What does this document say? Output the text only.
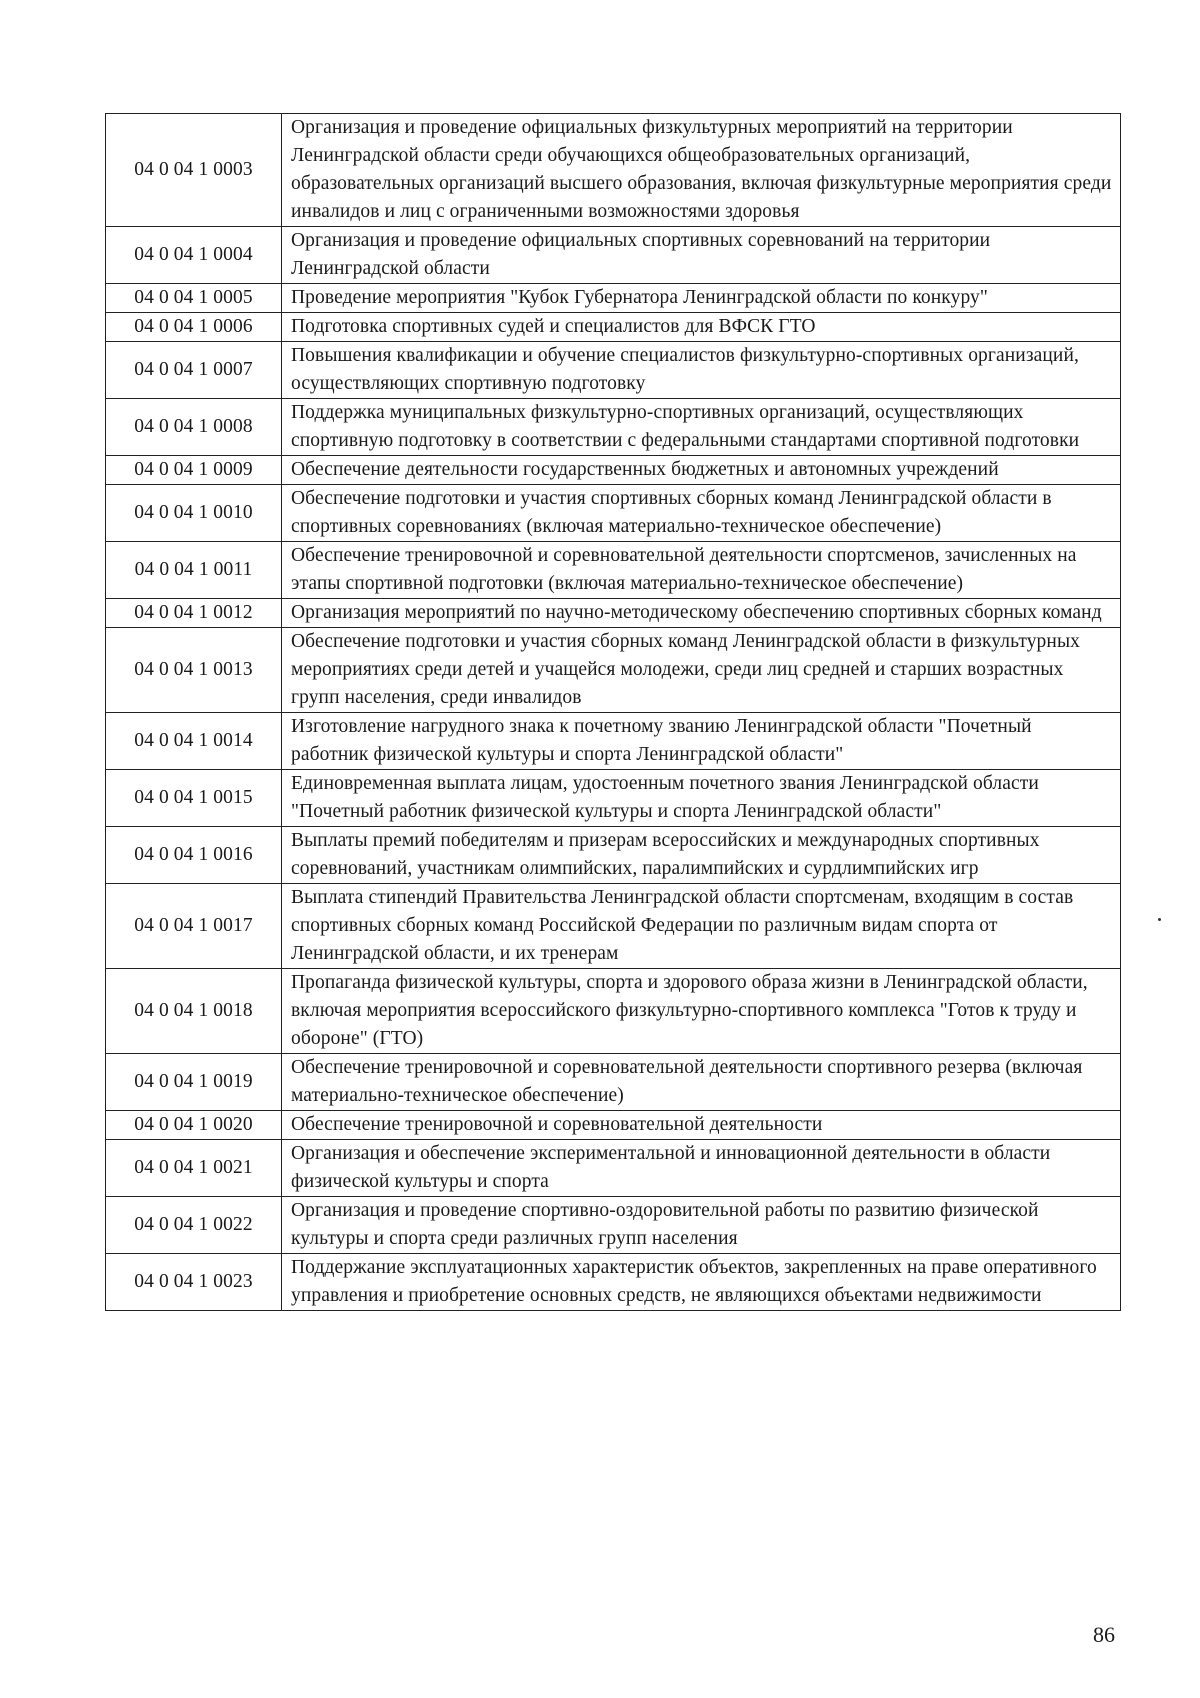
04 0 04 1 0003	Организация и проведение официальных физкультурных мероприятий на территории Ленинградской области среди обучающихся общеобразовательных организаций, образовательных организаций высшего образования, включая физкультурные мероприятия среди инвалидов и лиц с ограниченными возможностями здоровья
04 0 04 1 0004	Организация и проведение официальных спортивных соревнований на территории Ленинградской области
04 0 04 1 0005	Проведение мероприятия "Кубок Губернатора Ленинградской области по конкуру"
04 0 04 1 0006	Подготовка спортивных судей и специалистов для ВФСК ГТО
04 0 04 1 0007	Повышения квалификации и обучение специалистов физкультурно-спортивных организаций, осуществляющих спортивную подготовку
04 0 04 1 0008	Поддержка муниципальных физкультурно-спортивных организаций, осуществляющих спортивную подготовку в соответствии с федеральными стандартами спортивной подготовки
04 0 04 1 0009	Обеспечение деятельности государственных бюджетных и автономных учреждений
04 0 04 1 0010	Обеспечение подготовки и участия спортивных сборных команд Ленинградской области в спортивных соревнованиях (включая материально-техническое обеспечение)
04 0 04 1 0011	Обеспечение тренировочной и соревновательной деятельности спортсменов, зачисленных на этапы спортивной подготовки (включая материально-техническое обеспечение)
04 0 04 1 0012	Организация мероприятий по научно-методическому обеспечению спортивных сборных команд
04 0 04 1 0013	Обеспечение подготовки и участия сборных команд Ленинградской области в физкультурных мероприятиях среди детей и учащейся молодежи, среди лиц средней и старших возрастных групп населения, среди инвалидов
04 0 04 1 0014	Изготовление нагрудного знака к почетному званию Ленинградской области "Почетный работник физической культуры и спорта Ленинградской области"
04 0 04 1 0015	Единовременная выплата лицам, удостоенным почетного звания Ленинградской области "Почетный работник физической культуры и спорта Ленинградской области"
04 0 04 1 0016	Выплаты премий победителям и призерам всероссийских и международных спортивных соревнований, участникам олимпийских, паралимпийских и сурдлимпийских игр
04 0 04 1 0017	Выплата стипендий Правительства Ленинградской области спортсменам, входящим в состав спортивных сборных команд Российской Федерации по различным видам спорта от Ленинградской области, и их тренерам
04 0 04 1 0018	Пропаганда физической культуры, спорта и здорового образа жизни в Ленинградской области, включая мероприятия всероссийского физкультурно-спортивного комплекса "Готов к труду и обороне" (ГТО)
04 0 04 1 0019	Обеспечение тренировочной и соревновательной деятельности спортивного резерва (включая материально-техническое обеспечение)
04 0 04 1 0020	Обеспечение тренировочной и соревновательной деятельности
04 0 04 1 0021	Организация и обеспечение экспериментальной и инновационной деятельности в области физической культуры и спорта
04 0 04 1 0022	Организация и проведение спортивно-оздоровительной работы по развитию физической культуры и спорта среди различных групп населения
04 0 04 1 0023	Поддержание эксплуатационных характеристик объектов, закрепленных на праве оперативного управления и приобретение основных средств, не являющихся объектами недвижимости
86
